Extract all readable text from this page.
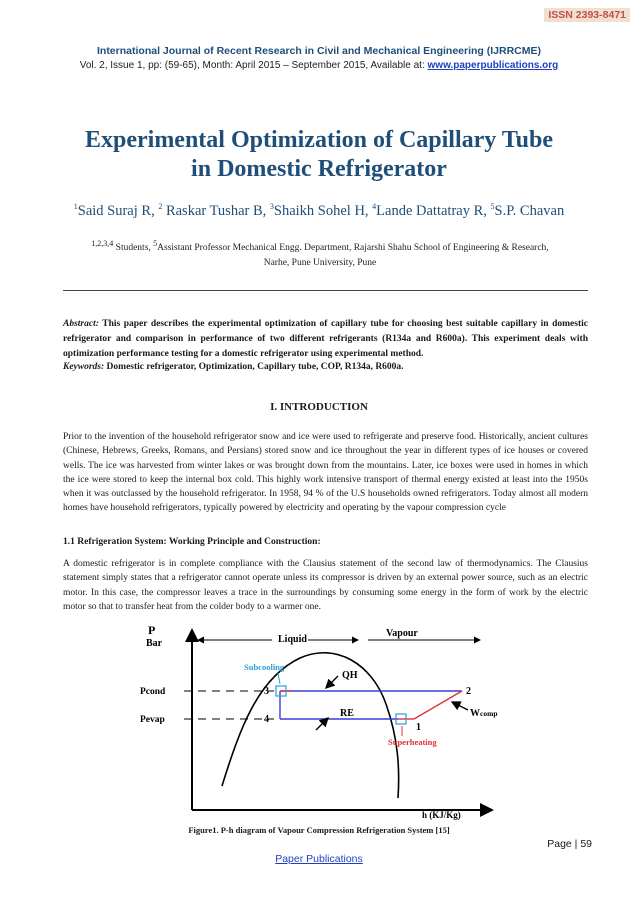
ISSN 2393-8471
International Journal of Recent Research in Civil and Mechanical Engineering (IJRRCME)
Vol. 2, Issue 1, pp: (59-65), Month: April 2015 – September 2015, Available at: www.paperpublications.org
Experimental Optimization of Capillary Tube
in Domestic Refrigerator
$^1$Said Suraj R, $^2$ Raskar Tushar B, $^3$Shaikh Sohel H, $^4$Lande Dattatray R, $^5$S.P. Chavan
$^{1,2,3,4}$ Students, $^5$Assistant Professor Mechanical Engg. Department, Rajarshi Shahu School of Engineering & Research,
Narhe, Pune University, Pune
Abstract: This paper describes the experimental optimization of capillary tube for choosing best suitable capillary in domestic refrigerator and comparison in performance of two different refrigerants (R134a and R600a). This experiment deals with optimization performance testing for a domestic refrigerator using experimental method.
Keywords: Domestic refrigerator, Optimization, Capillary tube, COP, R134a, R600a.
I. INTRODUCTION

Prior to the invention of the household refrigerator snow and ice were used to refrigerate and preserve food. Historically, ancient cultures (Chinese, Hebrews, Greeks, Romans, and Persians) stored snow and ice throughout the year in different types of ice houses or covered wells. The ice was harvested from winter lakes or was brought down from the mountains. Later, ice boxes were used in homes in which the ice were stored to keep the internal box cold. This highly work intensive transport of thermal energy existed at least into the 1950s when it was outclassed by the household refrigerator. In 1958, 94 % of the U.S households owned refrigerators. Today almost all modern homes have household refrigerators, typically powered by electricity and operating by the vapour compression cycle

1.1 Refrigeration System: Working Principle and Construction:

A domestic refrigerator is in complete compliance with the Clausius statement of the second law of thermodynamics. The Clausius statement simply states that a refrigerator cannot operate unless its compressor is driven by an external power source, such as an electric motor. In this case, the compressor leaves a trace in the surroundings by consuming some energy in the form of work by the electric motor so that to transfer heat from the colder body to a warmer one.

P
Bar
h (KJ/Kg)
Liquid
Vapour
Pcond
Pevap
Subcooling
Superheating
1
2
3
4
QH
RE	Wcomp
Figure1. P-h diagram of Vapour Compression Refrigeration System [15]
Page | 59
Paper Publications
